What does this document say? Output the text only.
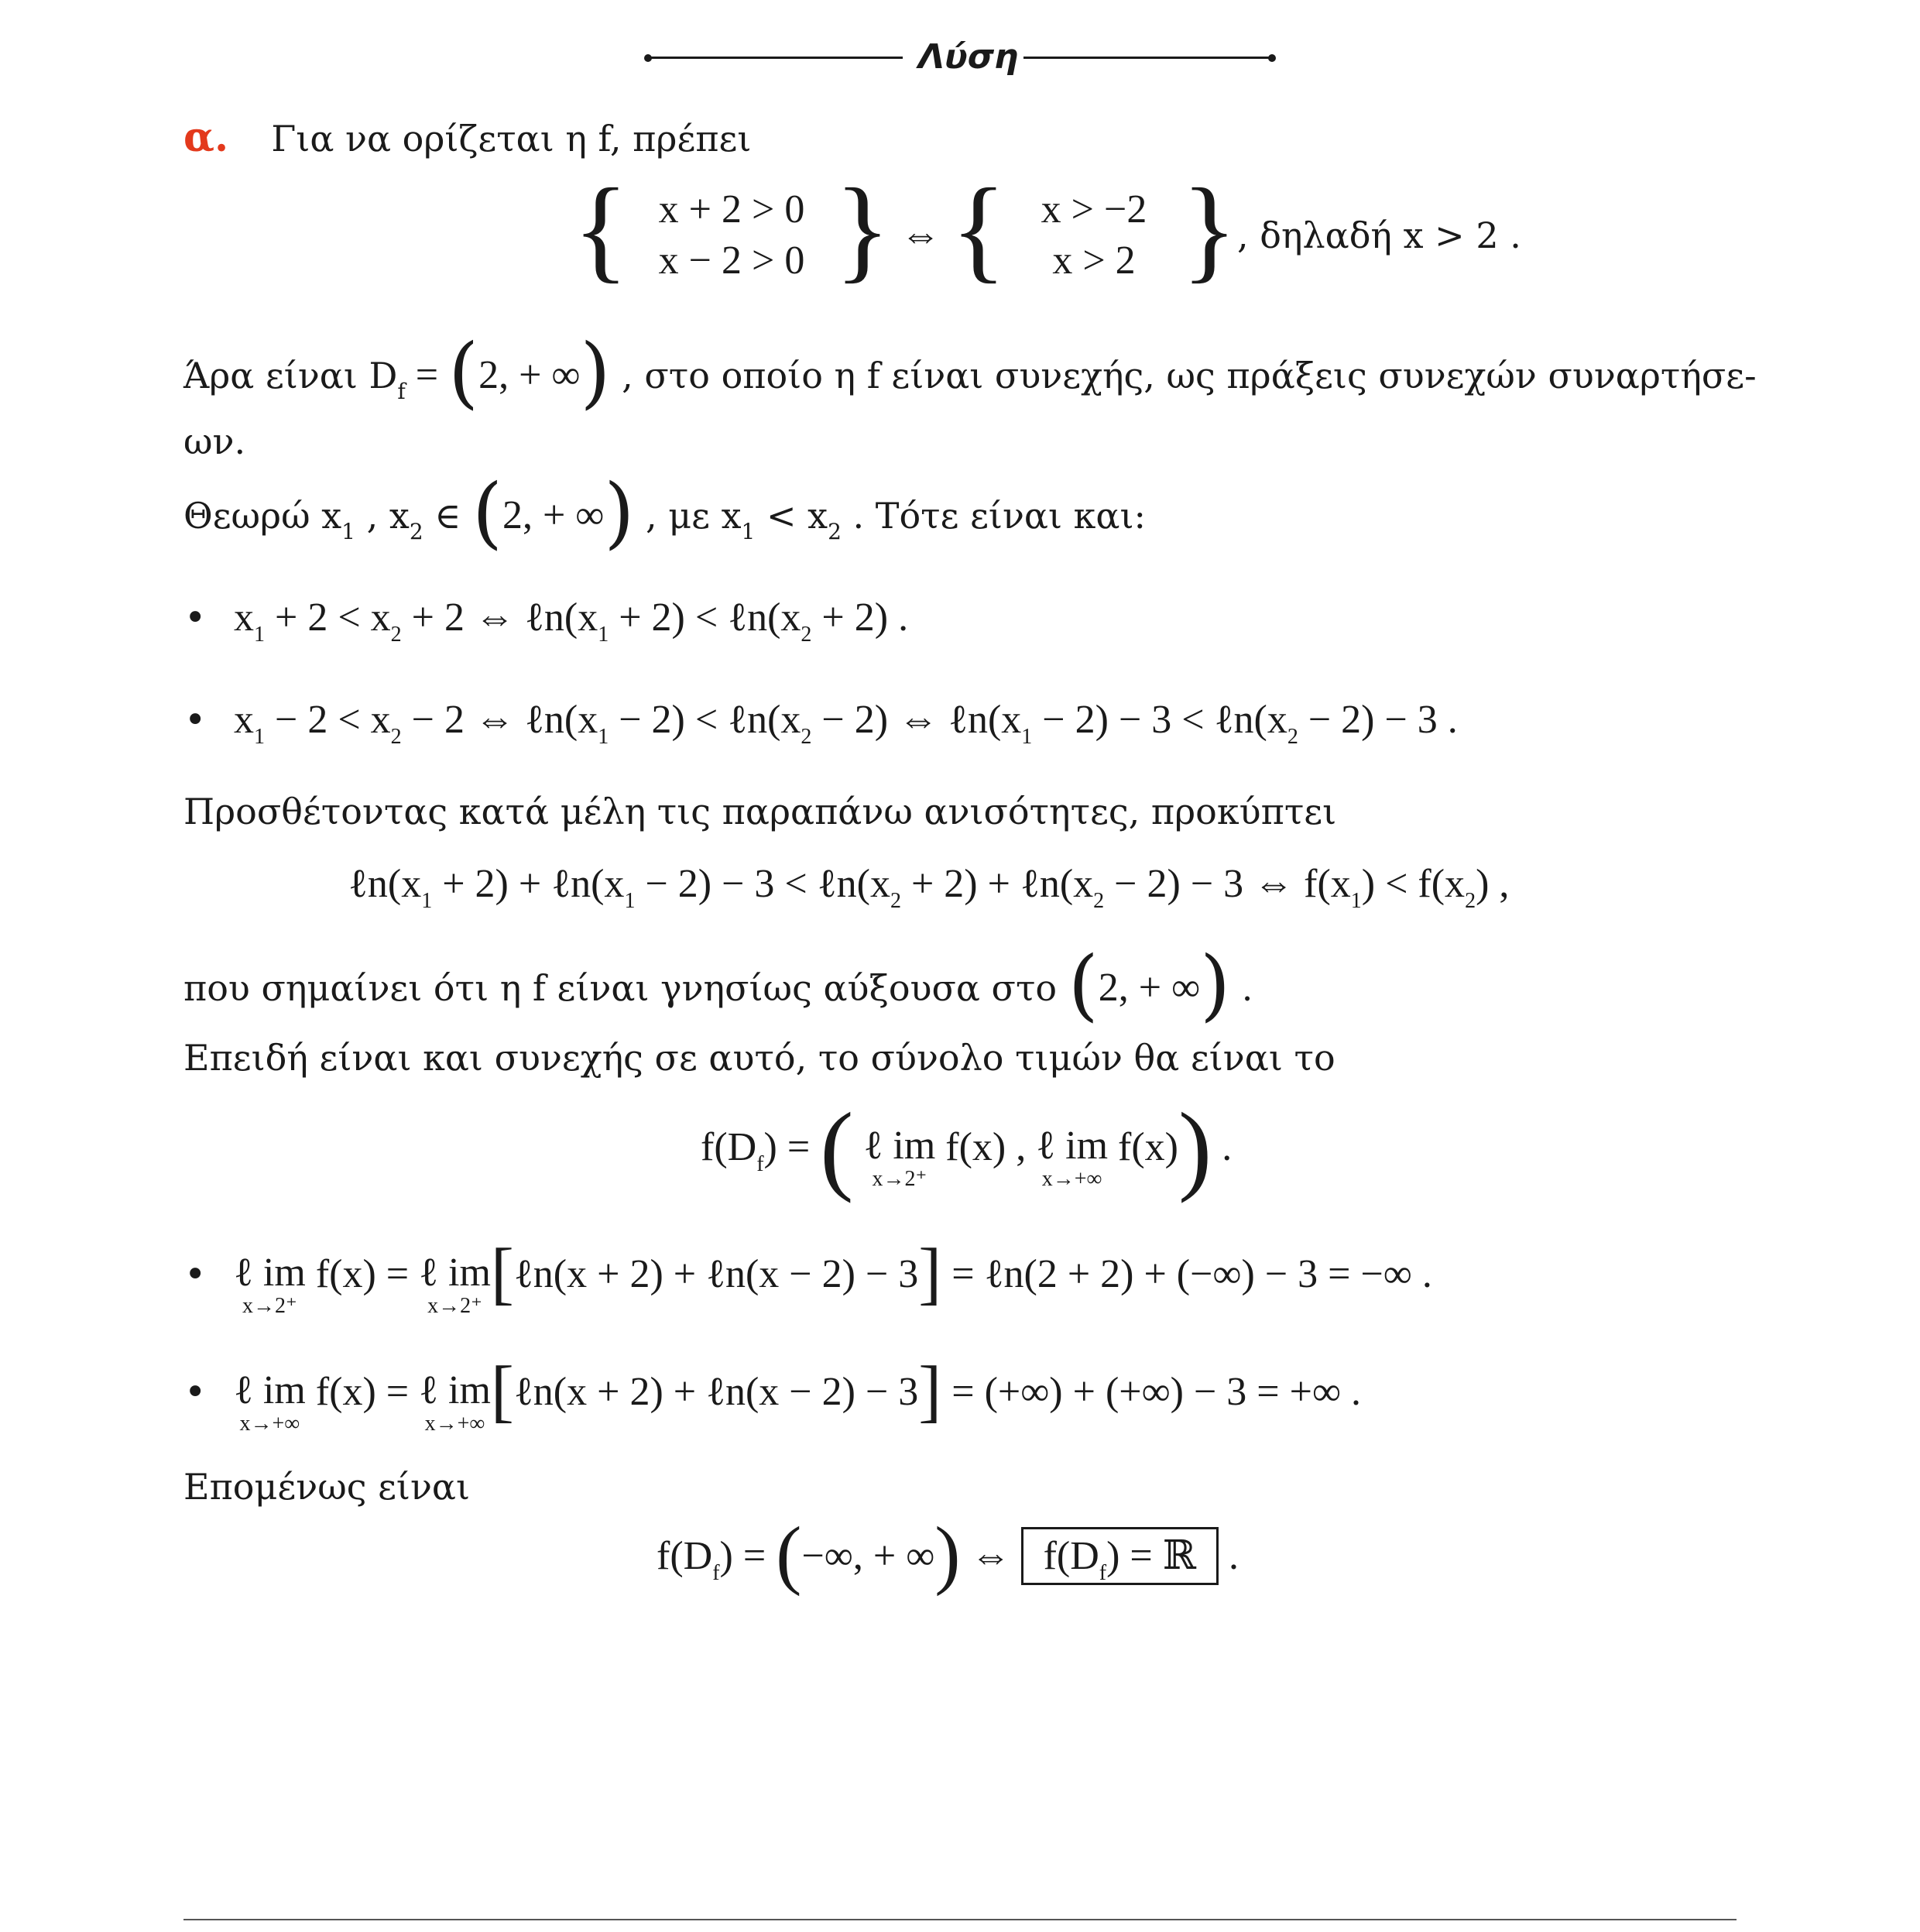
Λύση
α. Για να ορίζεται η f, πρέπει
{ x + 2 > 0
x − 2 > 0 } ⇔ { x > −2
x > 2 }, δηλαδή x > 2 .
Άρα είναι $D_f = (2$, + ∞) , στο οποίο η f είναι συνεχής, ως πράξεις συνεχών συναρτήσε-
ων.
Θεωρώ $x_1$ , $x_2$ ∈ (2, + ∞) , με $x_1 < x_2$ . Τότε είναι και:
• $x_1 + 2 < x_2 + 2$ ⇔ $\ell n(x_1 + 2)$ < $\ell n(x_2 + 2)$ .
• $x_1 - 2 < x_2 - 2$ ⇔ $\ell n(x_1 - 2)$ < $\ell n(x_2 - 2)$ ⇔ $\ell n(x_1 - 2) - 3$ < $\ell n(x_2 - 2) - 3$ .
Προσθέτοντας κατά μέλη τις παραπάνω ανισότητες, προκύπτει
$\ell n(x_1 + 2)$ + $\ell n(x_1 - 2) - 3$ < $\ell n(x_2 + 2)$ + $\ell n(x_2 - 2) - 3$ ⇔ $f(x_1) < f(x_2)$ ,
που σημαίνει ότι η f είναι γνησίως αύξουσα στο (2, + ∞) .
Επειδή είναι και συνεχής σε αυτό, το σύνολο τιμών θα είναι το
$f(D_f)$ = ( ℓ im
x→2⁺
f(x) , ℓ im
x→+∞
f(x)) .
• ℓ im
x→2⁺
f(x) = ℓ im
x→2⁺ [ℓn(x + 2) + ℓn(x − 2) − 3] = ℓn(2 + 2) + (−∞) − 3 = −∞ .
• ℓ im
x→+∞
f(x) = ℓ im
x→+∞ [ℓn(x + 2) + ℓn(x − 2) − 3] = (+∞) + (+∞) − 3 = +∞ .
Επομένως είναι
$f(D_f)$ = (−∞, + ∞) ⇔ $f(D_f)$ = ℝ .
